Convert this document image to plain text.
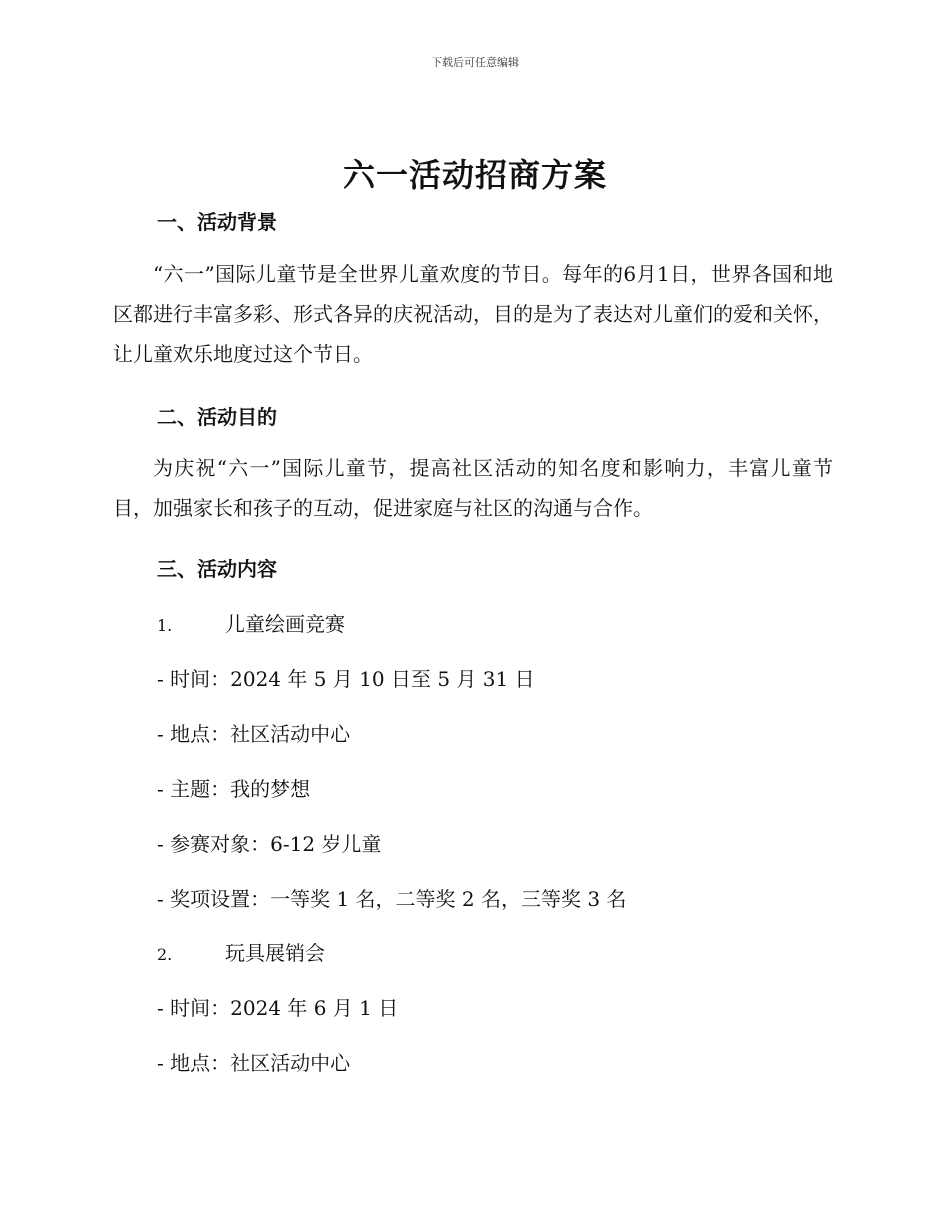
下载后可任意编辑
六一活动招商方案
一、活动背景
“六一”国际儿童节是全世界儿童欢度的节日。每年的6月1日，世界各国和地区都进行丰富多彩、形式各异的庆祝活动，目的是为了表达对儿童们的爱和关怀，让儿童欢乐地度过这个节日。
二、活动目的
为庆祝“六一”国际儿童节，提高社区活动的知名度和影响力，丰富儿童节目，加强家长和孩子的互动，促进家庭与社区的沟通与合作。
三、活动内容
1.	儿童绘画竞赛
- 时间：2024 年 5 月 10 日至 5 月 31 日
- 地点：社区活动中心
- 主题：我的梦想
- 参赛对象：6-12 岁儿童
- 奖项设置：一等奖 1 名，二等奖 2 名，三等奖 3 名
2.	玩具展销会
- 时间：2024 年 6 月 1 日
- 地点：社区活动中心
